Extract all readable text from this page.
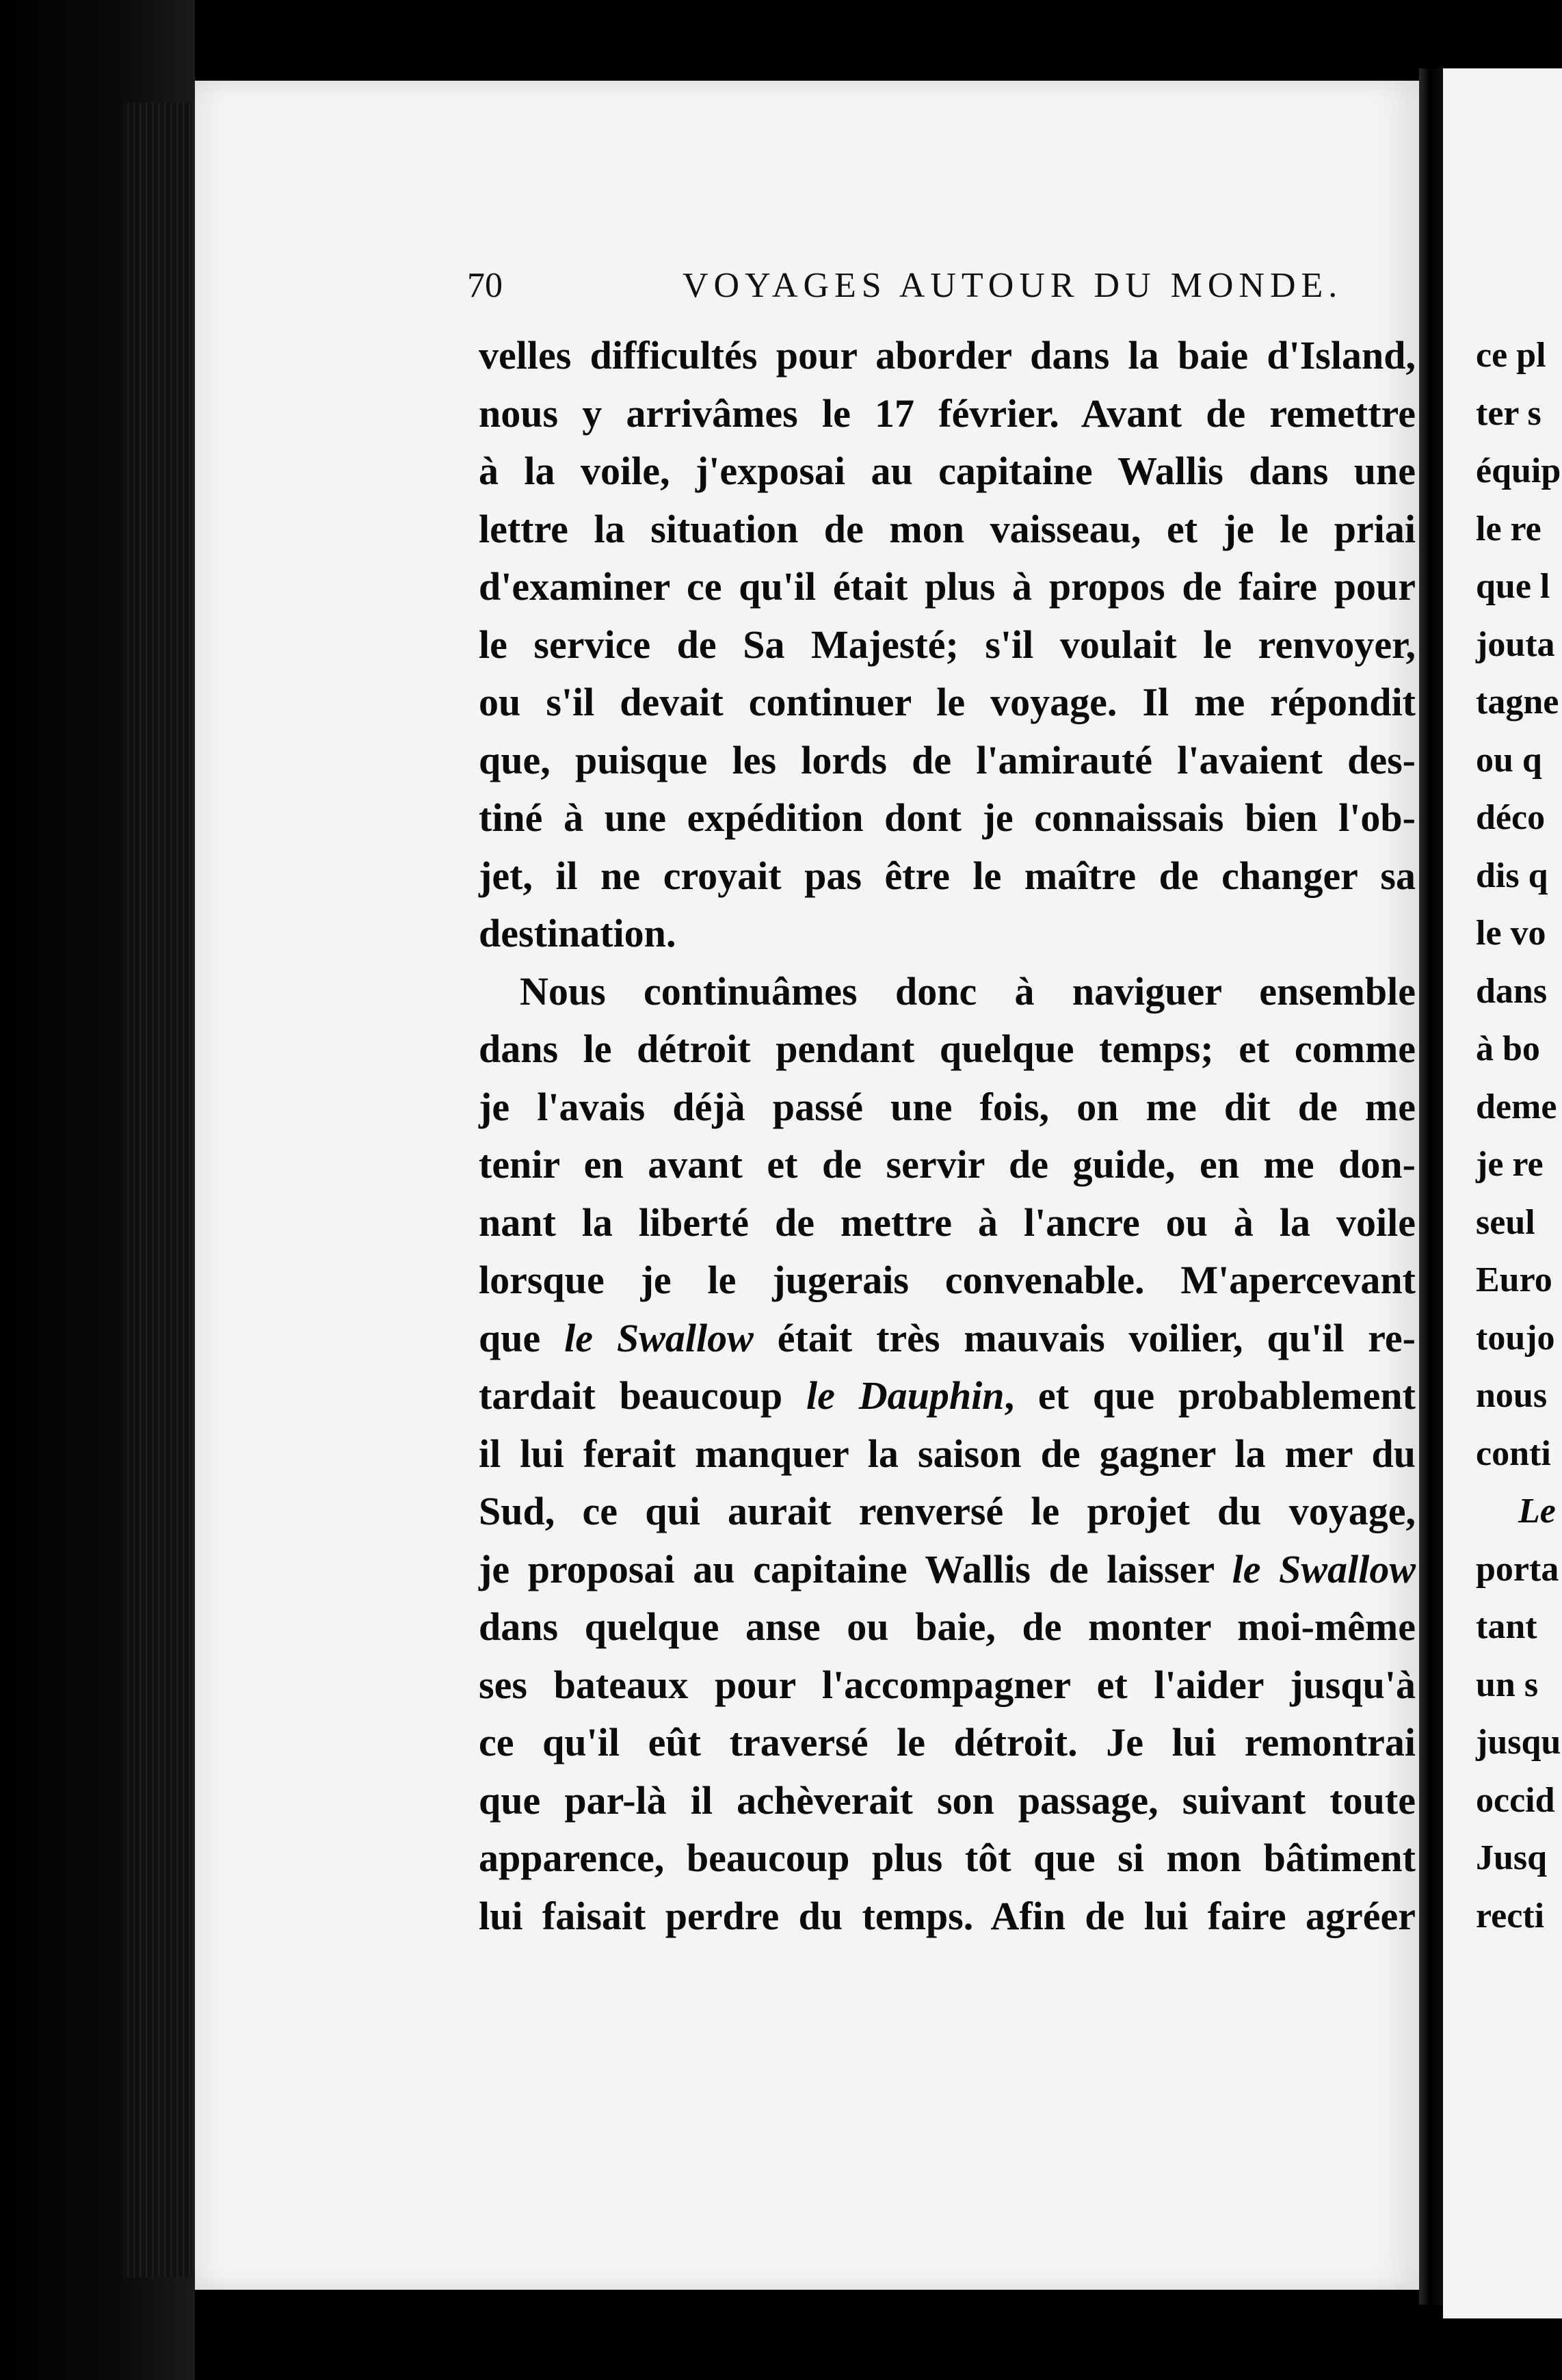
70	VOYAGES AUTOUR DU MONDE.
velles difficultés pour aborder dans la baie d'Island,
nous y arrivâmes le 17 février. Avant de remettre
à la voile, j'exposai au capitaine Wallis dans une
lettre la situation de mon vaisseau, et je le priai
d'examiner ce qu'il était plus à propos de faire pour
le service de Sa Majesté; s'il voulait le renvoyer,
ou s'il devait continuer le voyage. Il me répondit
que, puisque les lords de l'amirauté l'avaient des-
tiné à une expédition dont je connaissais bien l'ob-
jet, il ne croyait pas être le maître de changer sa
destination.
Nous continuâmes donc à naviguer ensemble
dans le détroit pendant quelque temps; et comme
je l'avais déjà passé une fois, on me dit de me
tenir en avant et de servir de guide, en me don-
nant la liberté de mettre à l'ancre ou à la voile
lorsque je le jugerais convenable. M'apercevant
que le Swallow était très mauvais voilier, qu'il re-
tardait beaucoup le Dauphin, et que probablement
il lui ferait manquer la saison de gagner la mer du
Sud, ce qui aurait renversé le projet du voyage,
je proposai au capitaine Wallis de laisser le Swallow
dans quelque anse ou baie, de monter moi-même
ses bateaux pour l'accompagner et l'aider jusqu'à
ce qu'il eût traversé le détroit. Je lui remontrai
que par-là il achèverait son passage, suivant toute
apparence, beaucoup plus tôt que si mon bâtiment
lui faisait perdre du temps. Afin de lui faire agréer
ce pl
ter s
équip
le re
que l
jouta
tagne
ou q
déco
dis q
le vo
dans
à bo
deme
je re
seul
Euro
toujo
nous
conti
Le
porta
tant
un s
jusqu
occid
Jusq
recti
